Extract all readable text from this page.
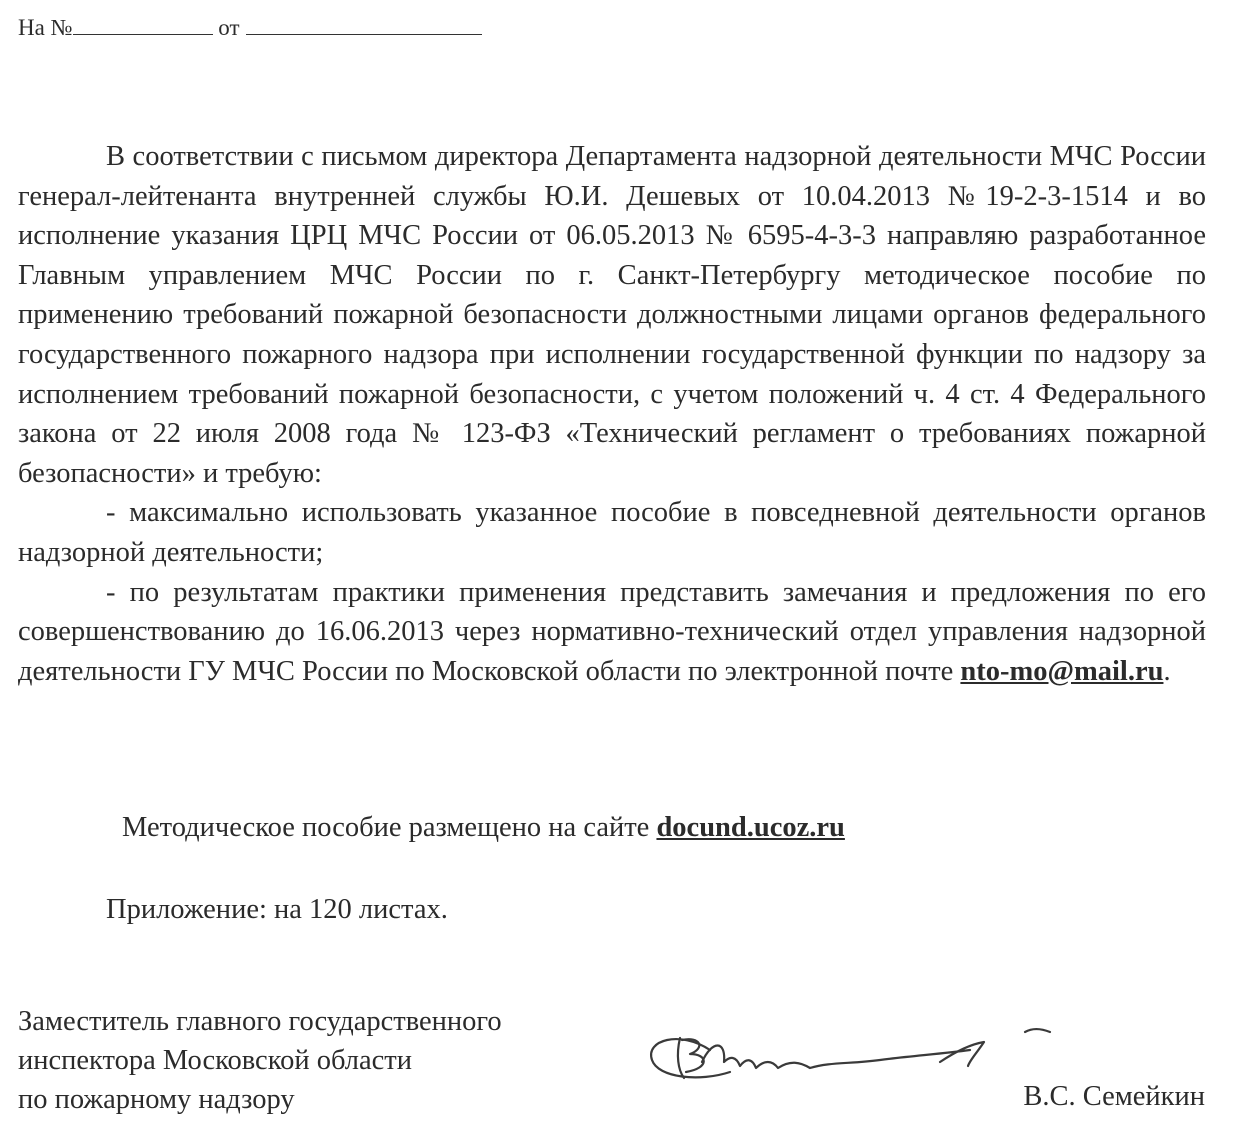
На №	от

В соответствии с письмом директора Департамента надзорной деятельности МЧС России генерал-лейтенанта внутренней службы Ю.И. Дешевых от 10.04.2013 №19-2-3-1514 и во исполнение указания ЦРЦ МЧС России от 06.05.2013 № 6595-4-3-3 направляю разработанное Главным управлением МЧС России по г. Санкт-Петербургу методическое пособие по применению требований пожарной безопасности должностными лицами органов федерального государственного пожарного надзора при исполнении государственной функции по надзору за исполнением требований пожарной безопасности, с учетом положений ч. 4 ст. 4 Федерального закона от 22 июля 2008 года № 123-ФЗ «Технический регламент о требованиях пожарной безопасности» и требую:

- максимально использовать указанное пособие в повседневной деятельности органов надзорной деятельности;

- по результатам практики применения представить замечания и предложения по его совершенствованию до 16.06.2013 через нормативно-технический отдел управления надзорной деятельности ГУ МЧС России по Московской области по электронной почте nto-mo@mail.ru.

Методическое пособие размещено на сайте docund.ucoz.ru
Приложение: на 120 листах.
Заместитель главного государственного
инспектора Московской области
по пожарному надзору	В.С. Семейкин
